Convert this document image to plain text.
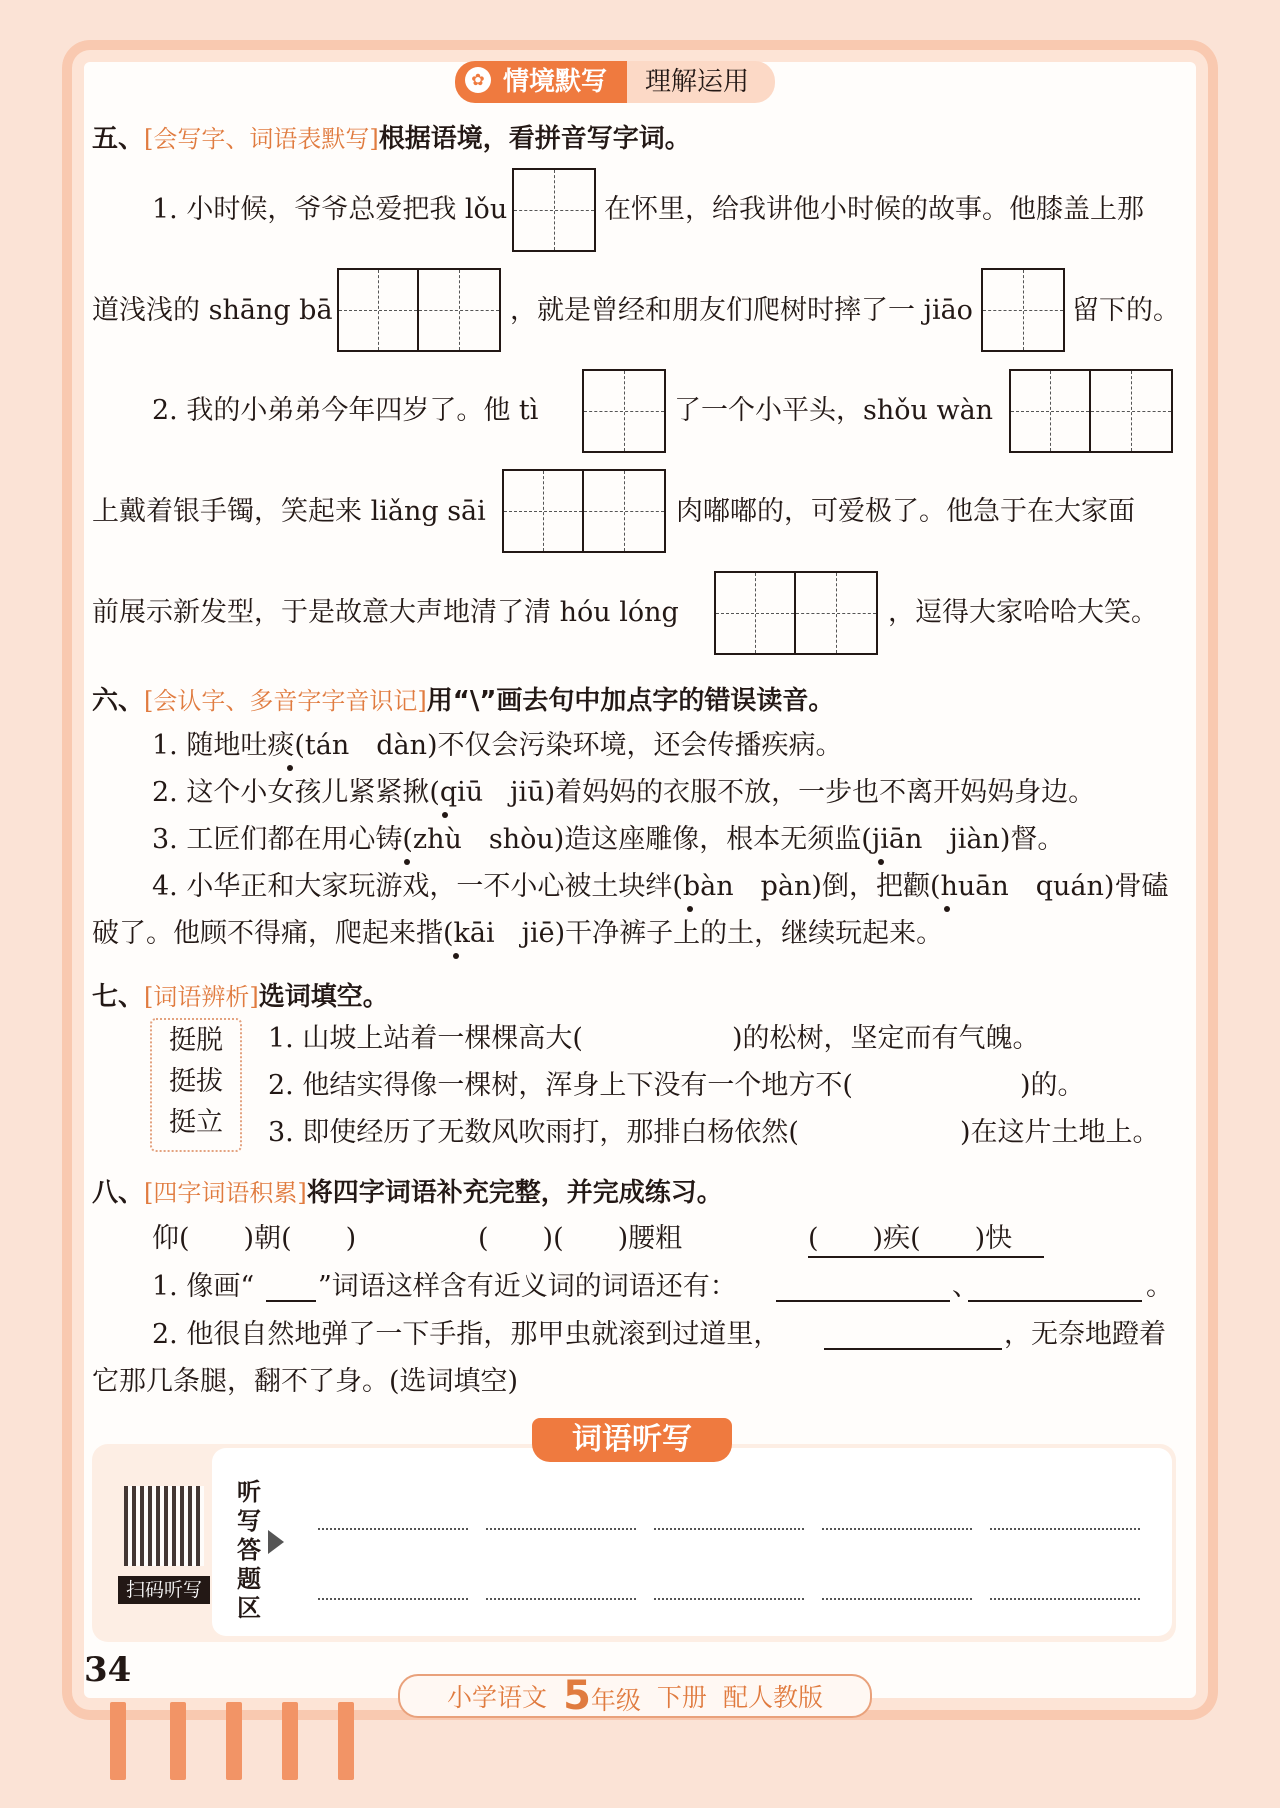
✿ 情境默写	理解运用
五、[会写字、词语表默写]根据语境，看拼音写字词。
1. 小时候，爷爷总爱把我 lǒu	在怀里，给我讲他小时候的故事。他膝盖上那
道浅浅的 shāng bā	，就是曾经和朋友们爬树时摔了一 jiāo	留下的。
2. 我的小弟弟今年四岁了。他 tì	了一个小平头，shǒu wàn
上戴着银手镯，笑起来 liǎng sāi	肉嘟嘟的，可爱极了。他急于在大家面
前展示新发型，于是故意大声地清了清 hóu lóng	，逗得大家哈哈大笑。
六、[会认字、多音字字音识记]用“\”画去句中加点字的错误读音。
1. 随地吐痰(tán　dàn)不仅会污染环境，还会传播疾病。
2. 这个小女孩儿紧紧揪(qiū　jiū)着妈妈的衣服不放，一步也不离开妈妈身边。
3. 工匠们都在用心铸(zhù　shòu)造这座雕像，根本无须监(jiān　jiàn)督。
4. 小华正和大家玩游戏，一不小心被土块绊(bàn　pàn)倒，把颧(huān　quán)骨磕
破了。他顾不得痛，爬起来揩(kāi　jiē)干净裤子上的土，继续玩起来。
七、[词语辨析]选词填空。
挺脱
挺拔
挺立
1. 山坡上站着一棵棵高大(	)的松树，坚定而有气魄。
2. 他结实得像一棵树，浑身上下没有一个地方不(	)的。
3. 即使经历了无数风吹雨打，那排白杨依然(	)在这片土地上。
八、[四字词语积累]将四字词语补充完整，并完成练习。
仰(　　)朝(　　)	(　　)(　　)腰粗	(　　)疾(　　)快
1. 像画“ ”词语这样含有近义词的词语还有：	、	。
2. 他很自然地弹了一下手指，那甲虫就滚到过道里，	，无奈地蹬着
它那几条腿，翻不了身。(选词填空)
词语听写
扫码听写
听
写
答
题
区
34
小学语文 5年级 下册 配人教版
